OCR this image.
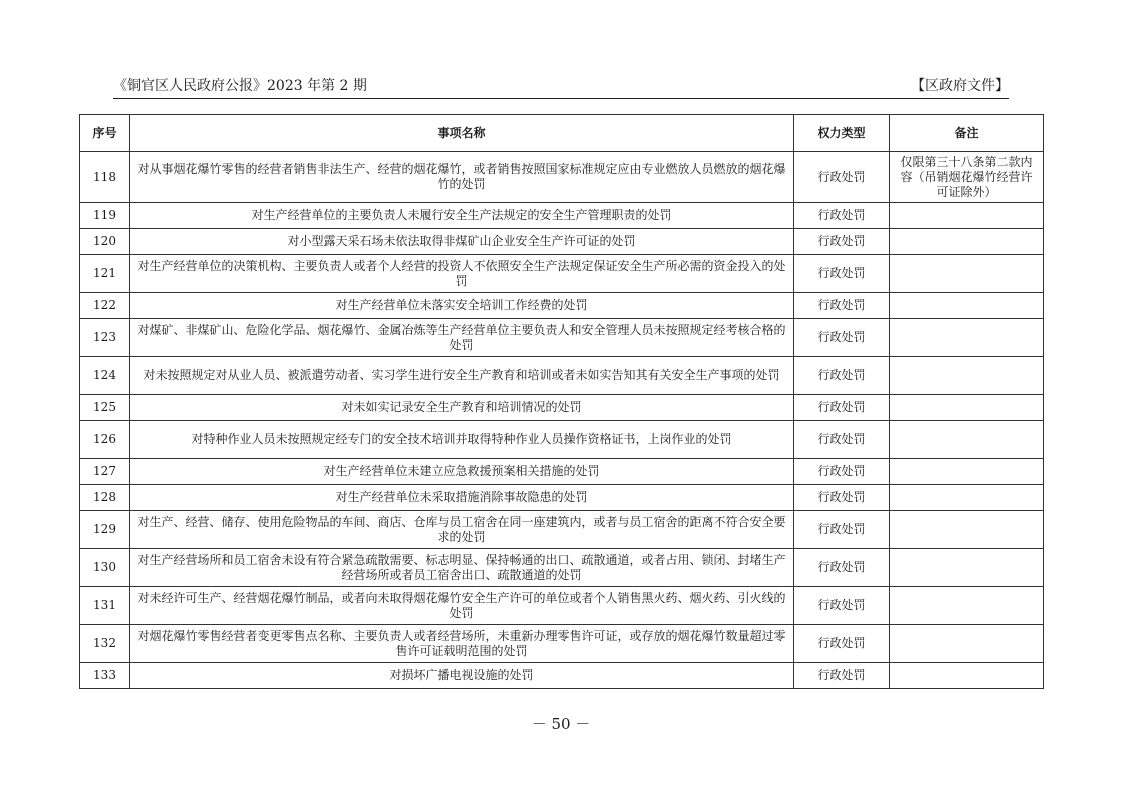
《铜官区人民政府公报》2023 年第 2 期	【区政府文件】
序号	事项名称	权力类型	备注
118	对从事烟花爆竹零售的经营者销售非法生产、经营的烟花爆竹，或者销售按照国家标准规定应由专业燃放人员燃放的烟花爆竹的处罚	行政处罚	仅限第三十八条第二款内容（吊销烟花爆竹经营许可证除外）
119	对生产经营单位的主要负责人未履行安全生产法规定的安全生产管理职责的处罚	行政处罚	
120	对小型露天采石场未依法取得非煤矿山企业安全生产许可证的处罚	行政处罚	
121	对生产经营单位的决策机构、主要负责人或者个人经营的投资人不依照安全生产法规定保证安全生产所必需的资金投入的处罚	行政处罚	
122	对生产经营单位未落实安全培训工作经费的处罚	行政处罚	
123	对煤矿、非煤矿山、危险化学品、烟花爆竹、金属冶炼等生产经营单位主要负责人和安全管理人员未按照规定经考核合格的处罚	行政处罚	
124	对未按照规定对从业人员、被派遣劳动者、实习学生进行安全生产教育和培训或者未如实告知其有关安全生产事项的处罚	行政处罚	
125	对未如实记录安全生产教育和培训情况的处罚	行政处罚	
126	对特种作业人员未按照规定经专门的安全技术培训并取得特种作业人员操作资格证书，上岗作业的处罚	行政处罚	
127	对生产经营单位未建立应急救援预案相关措施的处罚	行政处罚	
128	对生产经营单位未采取措施消除事故隐患的处罚	行政处罚	
129	对生产、经营、储存、使用危险物品的车间、商店、仓库与员工宿舍在同一座建筑内，或者与员工宿舍的距离不符合安全要求的处罚	行政处罚	
130	对生产经营场所和员工宿舍未设有符合紧急疏散需要、标志明显、保持畅通的出口、疏散通道，或者占用、锁闭、封堵生产经营场所或者员工宿舍出口、疏散通道的处罚	行政处罚	
131	对未经许可生产、经营烟花爆竹制品，或者向未取得烟花爆竹安全生产许可的单位或者个人销售黑火药、烟火药、引火线的处罚	行政处罚	
132	对烟花爆竹零售经营者变更零售点名称、主要负责人或者经营场所，未重新办理零售许可证，或存放的烟花爆竹数量超过零售许可证载明范围的处罚	行政处罚	
133	对损坏广播电视设施的处罚	行政处罚	
－ 50 －
